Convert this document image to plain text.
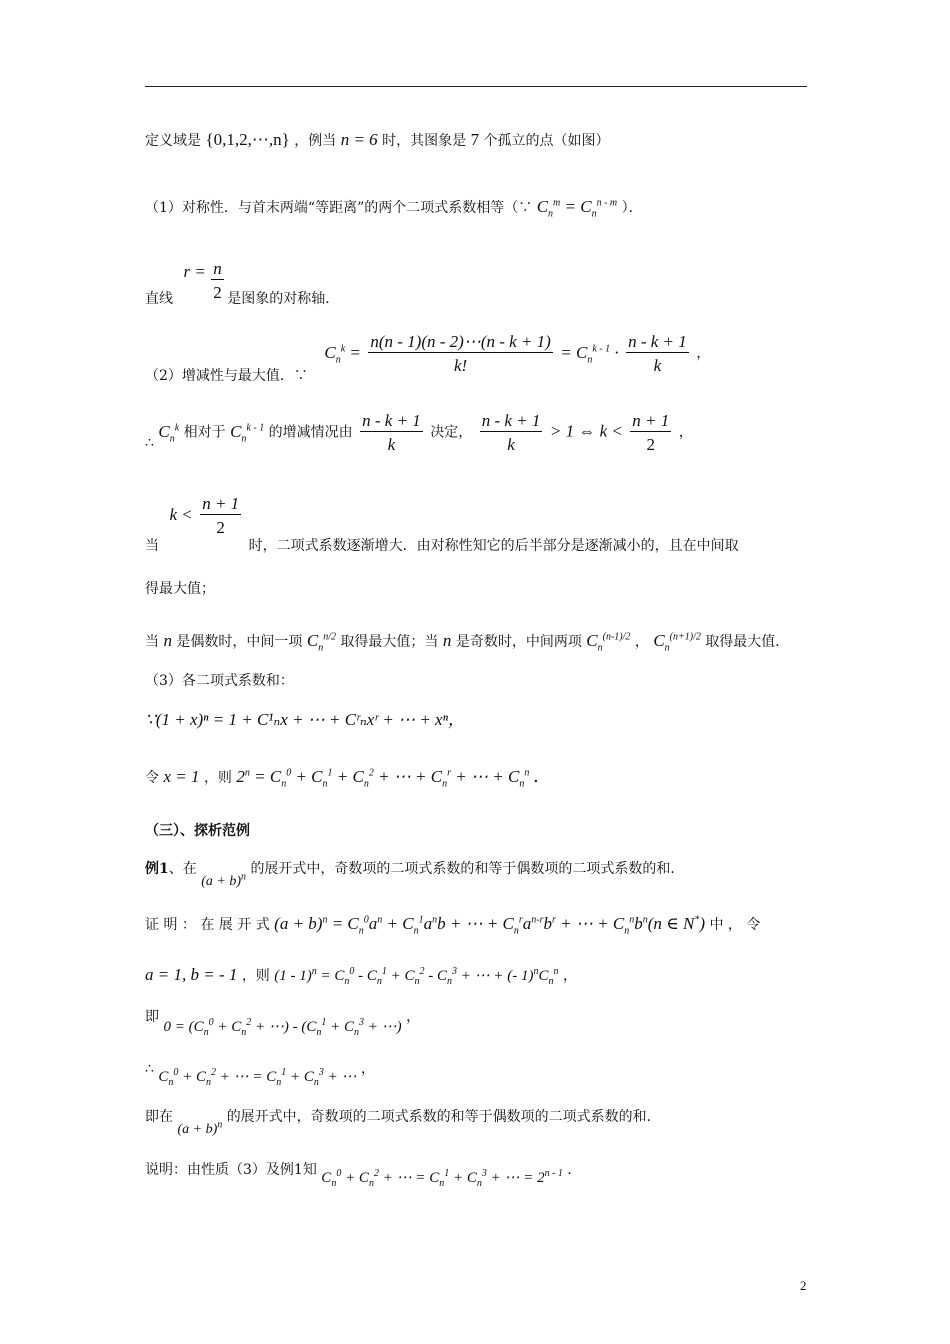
定义域是 {0,1,2,⋯,n} ，例当 n = 6 时，其图象是 7 个孤立的点（如图）
（1）对称性．与首末两端“等距离”的两个二项式系数相等（∵ $C_n^m = C_n^{n - m}$ ）．
直线 $r = \frac{n}{2}$ 是图象的对称轴．
（2）增减性与最大值．∵ $C_n^k = \frac{n(n - 1)(n - 2)\cdots(n - k + 1)}{k!} = C_n^{k - 1} \cdot \frac{n - k + 1}{k}$ ，
∴ $C_n^k$ 相对于 $C_n^{k - 1}$ 的增减情况由 $\frac{n - k + 1}{k}$ 决定， $\frac{n - k + 1}{k} > 1$ ⇔ $k < \frac{n + 1}{2}$ ，
当 $k < \frac{n + 1}{2}$
时，二项式系数逐渐增大．由对称性知它的后半部分是逐渐减小的，且在中间取
得最大值；
当 n 是偶数时，中间一项 $C_n^{n/2}$ 取得最大值；当 n 是奇数时，中间两项 $C_n^{(n-1)/2}$ ， $C_n^{(n+1)/2}$ 取得最大值．
（3）各二项式系数和：
∵(1 + x)ⁿ = 1 + C¹ₙx + ⋯ + Cʳₙxʳ + ⋯ + xⁿ，
令 x = 1 ，则 $2^n = C_n^0 + C_n^1 + C_n^2$ + ⋯ + $C_n^r$ + ⋯ + $C_n^n$ ．
（三）、探析范例
例1、在 $(a + b)^n$ 的展开式中，奇数项的二项式系数的和等于偶数项的二项式系数的和．
证 明 ： 在 展 开 式 $(a + b)^n = C_n^0a^n + C_n^1a^nb$ + ⋯ + $C_n^ra^{n-r}b^r$ + ⋯ + $C_n^nb^n(n$ ∈ N*) 中 ， 令
a = 1, b = - 1 ，则 $(1 - 1)^n = C_n^0 - C_n^1 + C_n^2 - C_n^3$ + ⋯ + (- $1)^nC_n^n$ ，
即 $0 = (C_n^0 + C_n^2$ + ⋯) - ($C_n^1 + C_n^3$ + ⋯) ，
∴ $C_n^0 + C_n^2$ + ⋯ = $C_n^1 + C_n^3$ + ⋯ ，
即在 $(a + b)^n$ 的展开式中，奇数项的二项式系数的和等于偶数项的二项式系数的和．
说明：由性质（3）及例1知 $C_n^0 + C_n^2$ + ⋯ = $C_n^1 + C_n^3$ + ⋯ = $2^{n - 1}$ ．
2
